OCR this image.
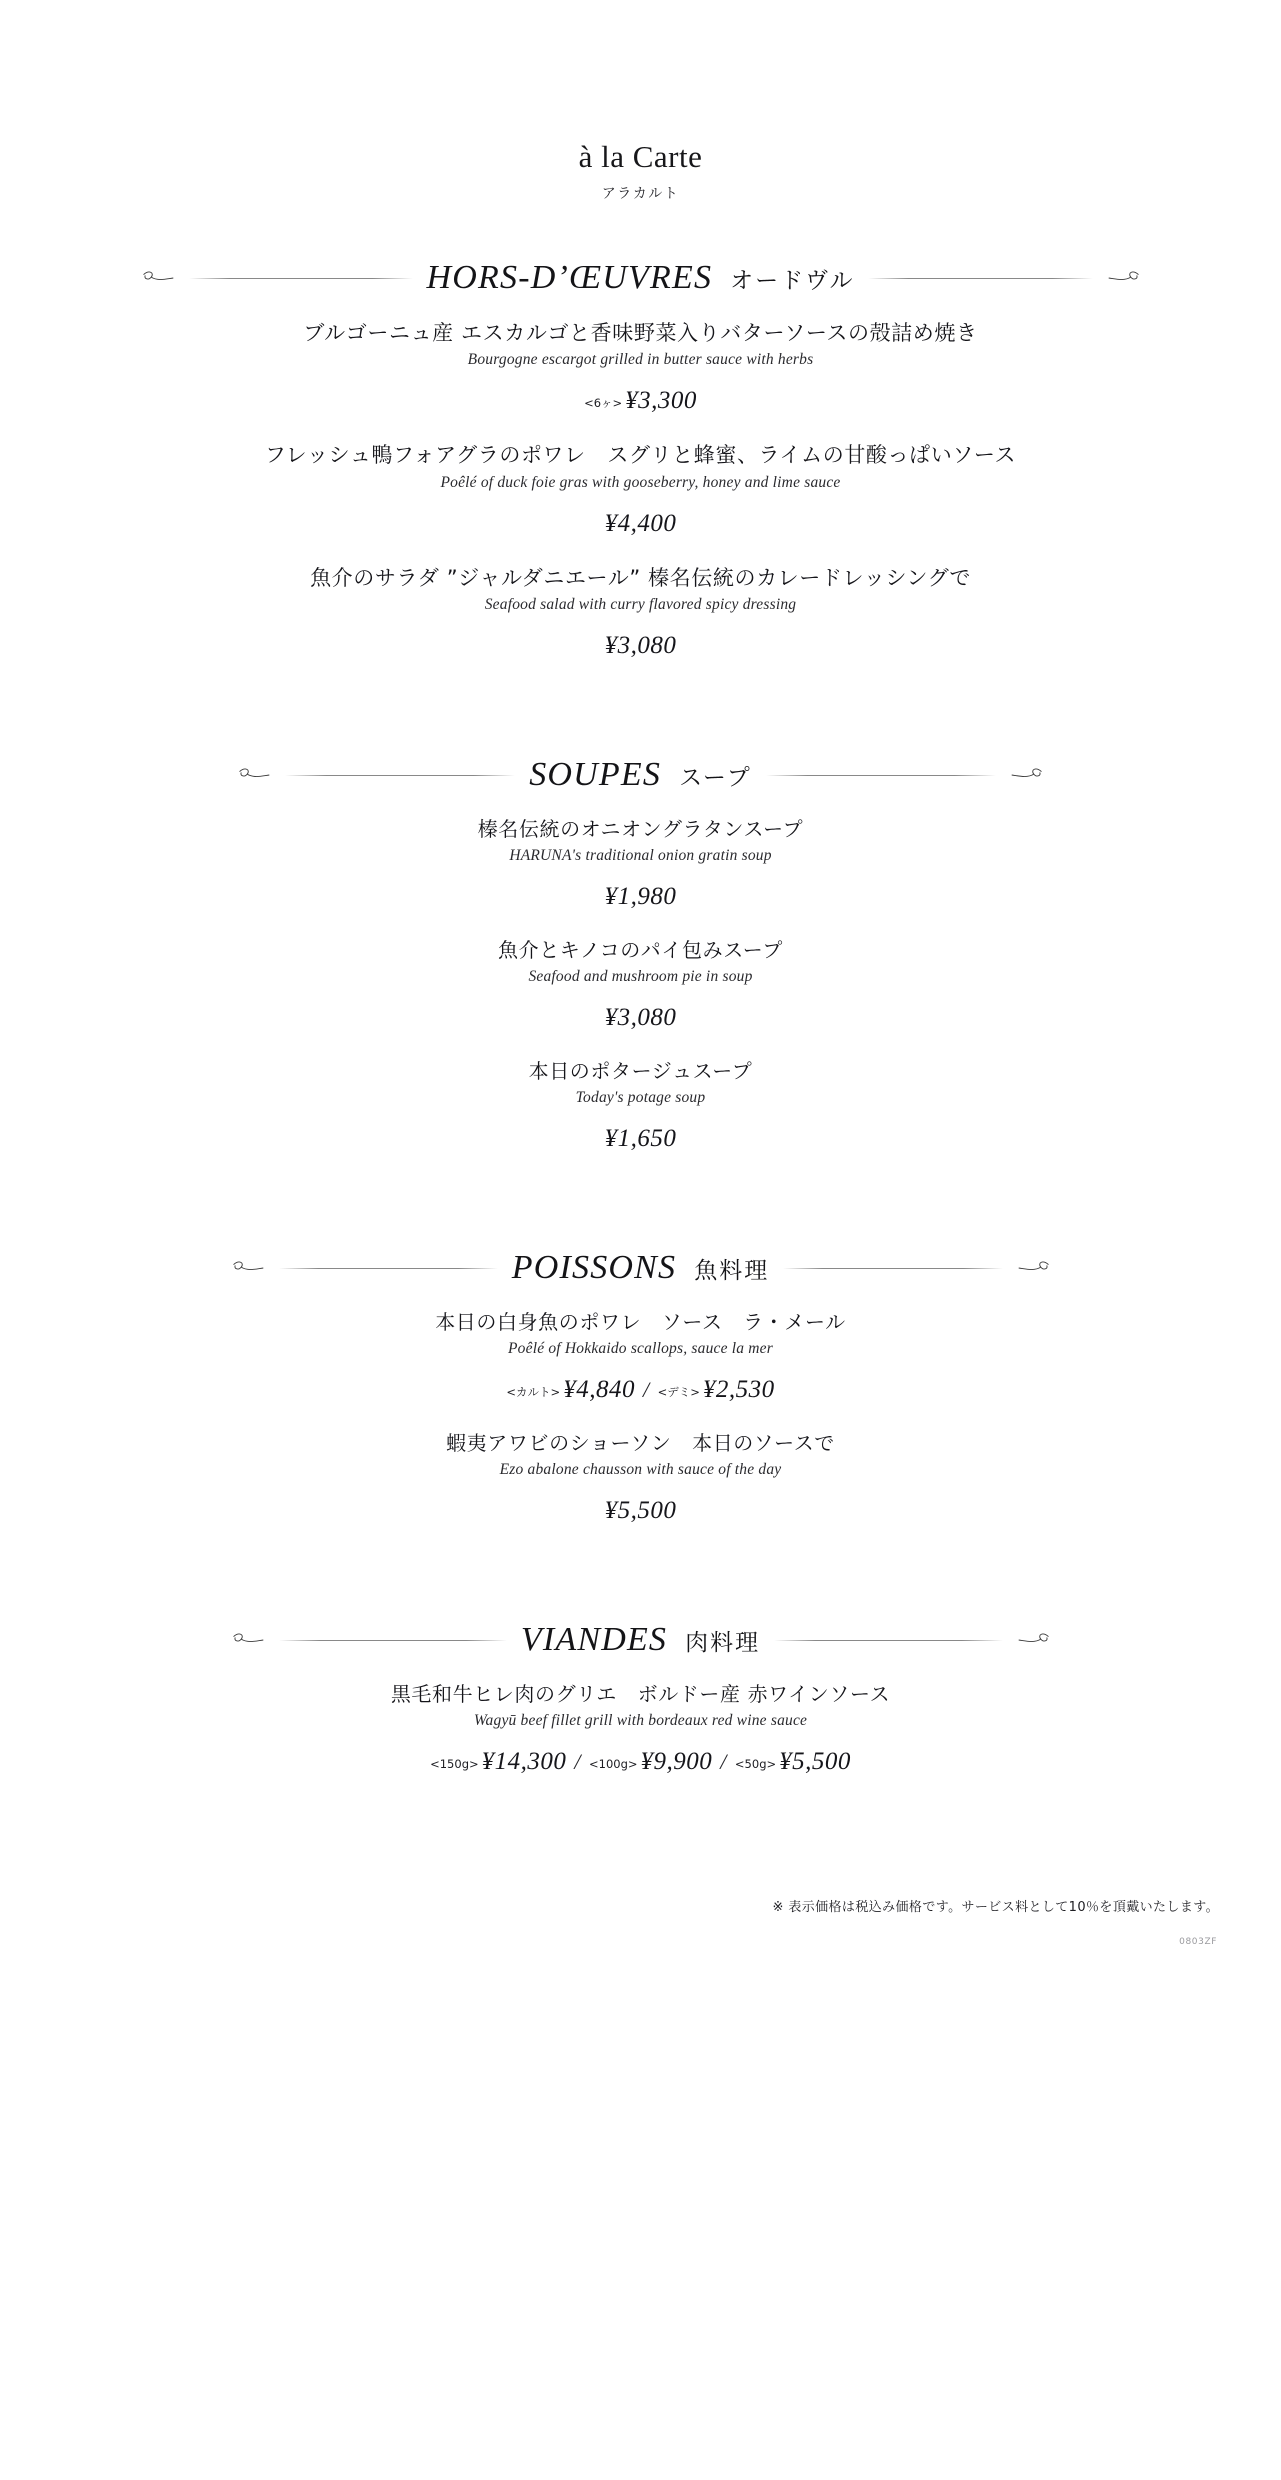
à la Carte
アラカルト
HORS-D’ŒUVRES オードヴル
ブルゴーニュ産 エスカルゴと香味野菜入りバターソースの殻詰め焼き
Bourgogne escargot grilled in butter sauce with herbs
<6ヶ> ¥3,300
フレッシュ鴨フォアグラのポワレ　スグリと蜂蜜、ライムの甘酸っぱいソース
Poêlé of duck foie gras with gooseberry, honey and lime sauce
¥4,400
魚介のサラダ ”ジャルダニエール” 榛名伝統のカレードレッシングで
Seafood salad with curry flavored spicy dressing
¥3,080
SOUPES スープ
榛名伝統のオニオングラタンスープ
HARUNA's traditional onion gratin soup
¥1,980
魚介とキノコのパイ包みスープ
Seafood and mushroom pie in soup
¥3,080
本日のポタージュスープ
Today's potage soup
¥1,650
POISSONS 魚料理
本日の白身魚のポワレ　ソース　ラ・メール
Poêlé of Hokkaido scallops, sauce la mer
<カルト> ¥4,840 / <デミ> ¥2,530
蝦夷アワビのショーソン　本日のソースで
Ezo abalone chausson with sauce of the day
¥5,500
VIANDES 肉料理
黒毛和牛ヒレ肉のグリエ　ボルドー産 赤ワインソース
Wagyū beef fillet grill with bordeaux red wine sauce
<150g> ¥14,300 / <100g> ¥9,900 / <50g> ¥5,500
※ 表示価格は税込み価格です。サービス料として10％を頂戴いたします。
0803ZF
